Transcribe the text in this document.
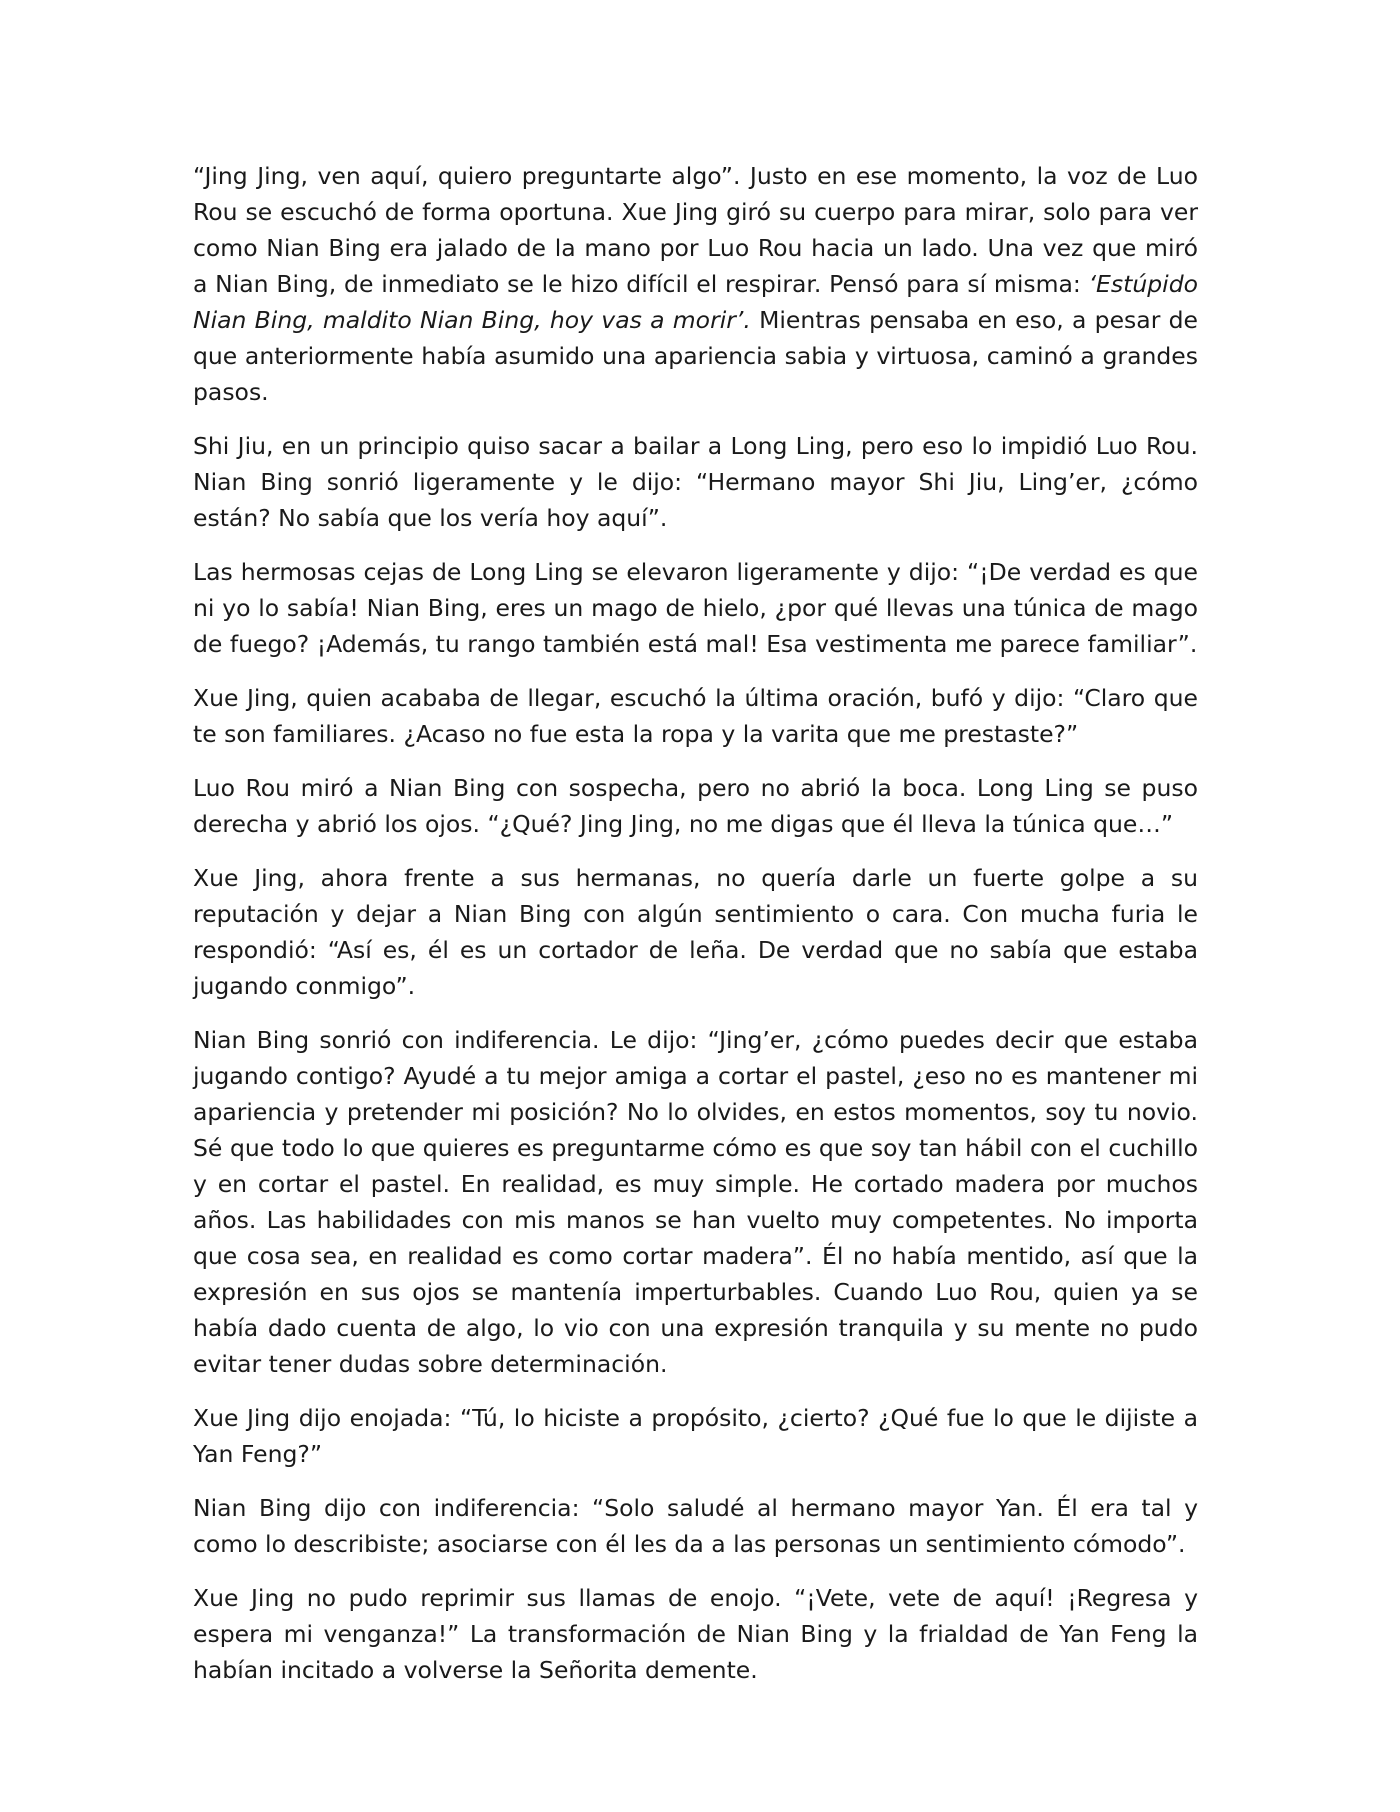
“Jing Jing, ven aquí, quiero preguntarte algo”. Justo en ese momento, la voz de Luo Rou se escuchó de forma oportuna. Xue Jing giró su cuerpo para mirar, solo para ver como Nian Bing era jalado de la mano por Luo Rou hacia un lado. Una vez que miró a Nian Bing, de inmediato se le hizo difícil el respirar. Pensó para sí misma: ‘Estúpido Nian Bing, maldito Nian Bing, hoy vas a morir’. Mientras pensaba en eso, a pesar de que anteriormente había asumido una apariencia sabia y virtuosa, caminó a grandes pasos.

Shi Jiu, en un principio quiso sacar a bailar a Long Ling, pero eso lo impidió Luo Rou. Nian Bing sonrió ligeramente y le dijo: “Hermano mayor Shi Jiu, Ling’er, ¿cómo están? No sabía que los vería hoy aquí”.

Las hermosas cejas de Long Ling se elevaron ligeramente y dijo: “¡De verdad es que ni yo lo sabía! Nian Bing, eres un mago de hielo, ¿por qué llevas una túnica de mago de fuego? ¡Además, tu rango también está mal! Esa vestimenta me parece familiar”.

Xue Jing, quien acababa de llegar, escuchó la última oración, bufó y dijo: “Claro que te son familiares. ¿Acaso no fue esta la ropa y la varita que me prestaste?”

Luo Rou miró a Nian Bing con sospecha, pero no abrió la boca. Long Ling se puso derecha y abrió los ojos. “¿Qué? Jing Jing, no me digas que él lleva la túnica que…”

Xue Jing, ahora frente a sus hermanas, no quería darle un fuerte golpe a su reputación y dejar a Nian Bing con algún sentimiento o cara. Con mucha furia le respondió: “Así es, él es un cortador de leña. De verdad que no sabía que estaba jugando conmigo”.

Nian Bing sonrió con indiferencia. Le dijo: “Jing’er, ¿cómo puedes decir que estaba jugando contigo? Ayudé a tu mejor amiga a cortar el pastel, ¿eso no es mantener mi apariencia y pretender mi posición? No lo olvides, en estos momentos, soy tu novio. Sé que todo lo que quieres es preguntarme cómo es que soy tan hábil con el cuchillo y en cortar el pastel. En realidad, es muy simple. He cortado madera por muchos años. Las habilidades con mis manos se han vuelto muy competentes. No importa que cosa sea, en realidad es como cortar madera”. Él no había mentido, así que la expresión en sus ojos se mantenía imperturbables. Cuando Luo Rou, quien ya se había dado cuenta de algo, lo vio con una expresión tranquila y su mente no pudo evitar tener dudas sobre determinación.

Xue Jing dijo enojada: “Tú, lo hiciste a propósito, ¿cierto? ¿Qué fue lo que le dijiste a Yan Feng?”

Nian Bing dijo con indiferencia: “Solo saludé al hermano mayor Yan. Él era tal y como lo describiste; asociarse con él les da a las personas un sentimiento cómodo”.

Xue Jing no pudo reprimir sus llamas de enojo. “¡Vete, vete de aquí! ¡Regresa y espera mi venganza!” La transformación de Nian Bing y la frialdad de Yan Feng la habían incitado a volverse la Señorita demente.
